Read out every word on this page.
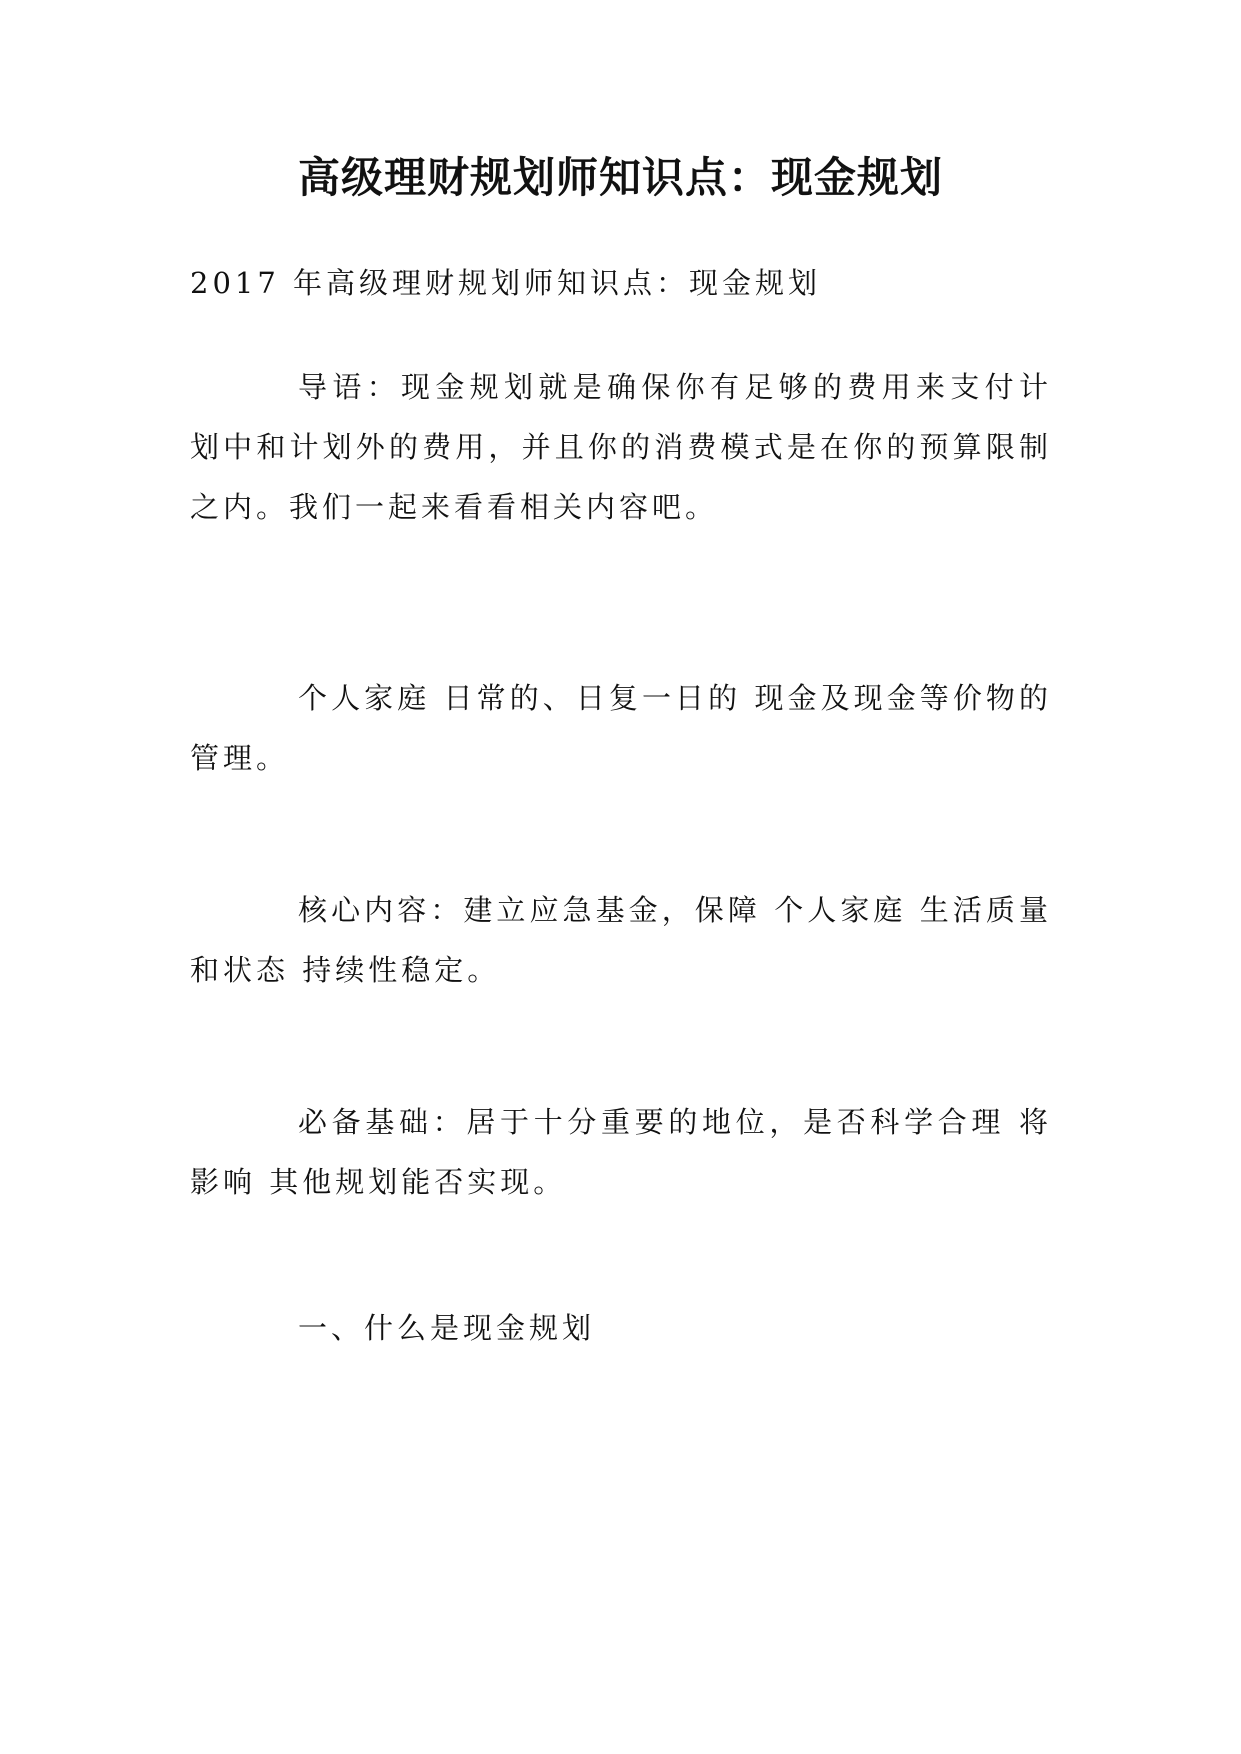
高级理财规划师知识点：现金规划

2017 年高级理财规划师知识点：现金规划

导语：现金规划就是确保你有足够的费用来支付计划中和计划外的费用，并且你的消费模式是在你的预算限制之内。我们一起来看看相关内容吧。

个人家庭 日常的、日复一日的 现金及现金等价物的管理。

核心内容：建立应急基金，保障 个人家庭 生活质量和状态 持续性稳定。

必备基础：居于十分重要的地位，是否科学合理 将影响 其他规划能否实现。

一、什么是现金规划
